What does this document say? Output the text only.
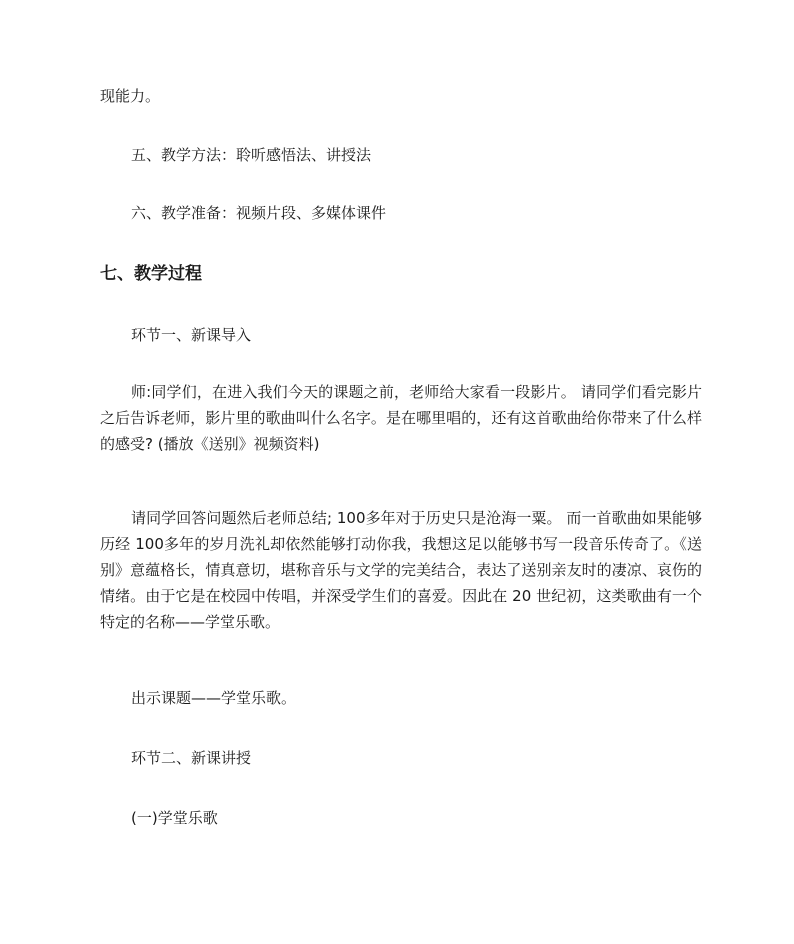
现能力。
五、教学方法：聆听感悟法、讲授法
六、教学准备：视频片段、多媒体课件
七、教学过程
环节一、新课导入
师:同学们，在进入我们今天的课题之前，老师给大家看一段影片。 请同学们看完影片之后告诉老师，影片里的歌曲叫什么名字。是在哪里唱的，还有这首歌曲给你带来了什么样的感受? (播放《送别》视频资料)
请同学回答问题然后老师总结; 100多年对于历史只是沧海一粟。 而一首歌曲如果能够历经 100多年的岁月洗礼却依然能够打动你我，我想这足以能够书写一段音乐传奇了。《送别》意蕴格长，情真意切，堪称音乐与文学的完美结合，表达了送别亲友时的凄凉、哀伤的情绪。由于它是在校园中传唱，并深受学生们的喜爱。因此在 20 世纪初，这类歌曲有一个特定的名称——学堂乐歌。
出示课题——学堂乐歌。
环节二、新课讲授
(一)学堂乐歌
